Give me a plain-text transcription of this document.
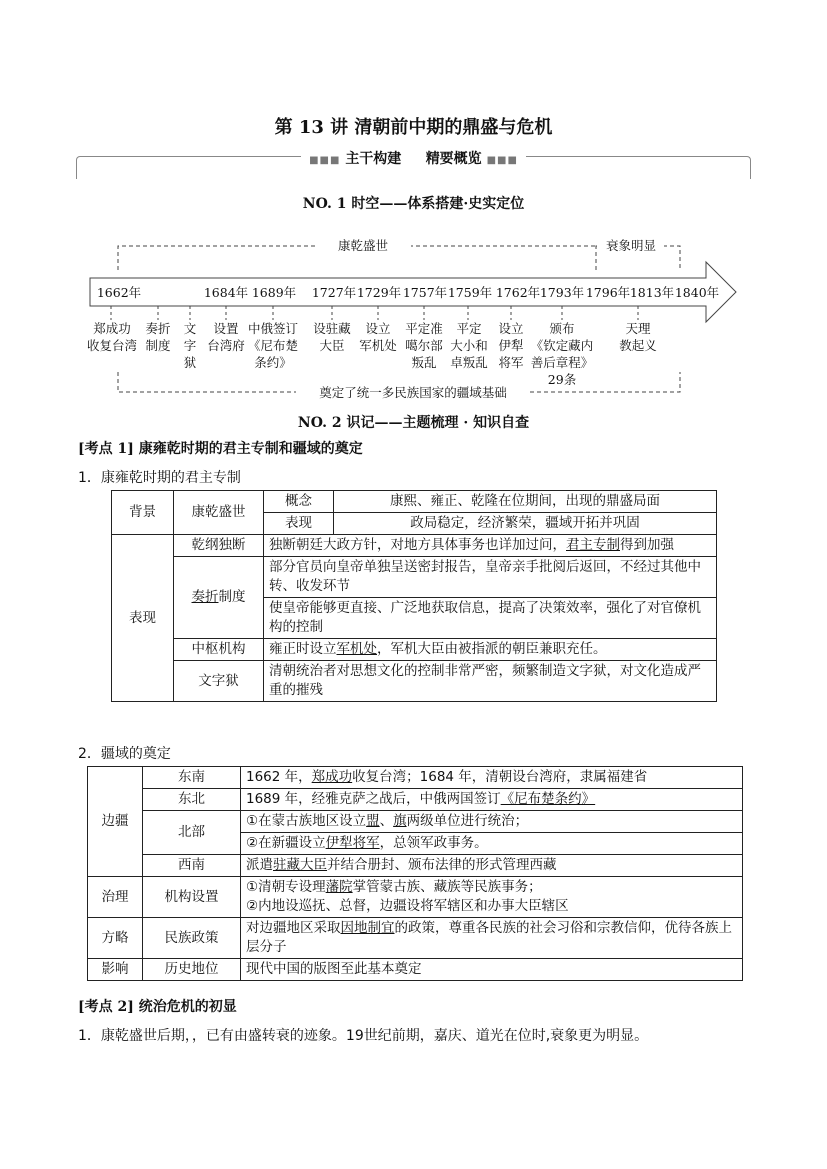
第 13 讲 清朝前中期的鼎盛与危机
■■■ 主干构建 精要概览 ■■■
NO. 1 时空——体系搭建·史实定位
康乾盛世	衰象明显
1662年	1684年 1689年 1727年 1729年 1757年 1759年 1762年 1793年 1796年 1813年 1840年
郑成功
收复台湾
奏折
制度
文
字
狱
设置
台湾府
中俄签订
《尼布楚
条约》
设驻藏
大臣
设立
军机处
平定准
噶尔部
叛乱
平定
大小和
卓叛乱
设立
伊犁
将军
颁布
《钦定藏内
善后章程》
29条
天理
教起义
奠定了统一多民族国家的疆域基础
NO. 2 识记——主题梳理 · 知识自查
[考点 1] 康雍乾时期的君主专制和疆域的奠定
1．康雍乾时期的君主专制
背景	康乾盛世	概念	康熙、雍正、乾隆在位期间，出现的鼎盛局面
		表现	政局稳定，经济繁荣，疆域开拓并巩固
表现	乾纲独断	独断朝廷大政方针，对地方具体事务也详加过问，君主专制得到加强	
	奏折制度	部分官员向皇帝单独呈送密封报告，皇帝亲手批阅后返回，不经过其他中转、收发环节	
		使皇帝能够更直接、广泛地获取信息，提高了决策效率，强化了对官僚机构的控制	
	中枢机构	雍正时设立军机处，军机大臣由被指派的朝臣兼职充任。	
	文字狱	清朝统治者对思想文化的控制非常严密，频繁制造文字狱，对文化造成严重的摧残	
2．疆域的奠定
边疆	东南	1662 年，郑成功收复台湾；1684 年，清朝设台湾府，隶属福建省
	东北	1689 年，经雅克萨之战后，中俄两国签订《尼布楚条约》
	北部	①在蒙古族地区设立盟、旗两级单位进行统治；
		②在新疆设立伊犁将军，总领军政事务。
	西南	派遣驻藏大臣并结合册封、颁布法律的形式管理西藏
治理	机构设置	①清朝专设理藩院掌管蒙古族、藏族等民族事务；
②内地设巡抚、总督，边疆设将军辖区和办事大臣辖区

方略	民族政策	对边疆地区采取因地制宜的政策，尊重各民族的社会习俗和宗教信仰，优待各族上层分子
影响	历史地位	现代中国的版图至此基本奠定
[考点 2] 统治危机的初显
1．康乾盛世后期，，已有由盛转衰的迹象。19世纪前期，嘉庆、道光在位时,衰象更为明显。
